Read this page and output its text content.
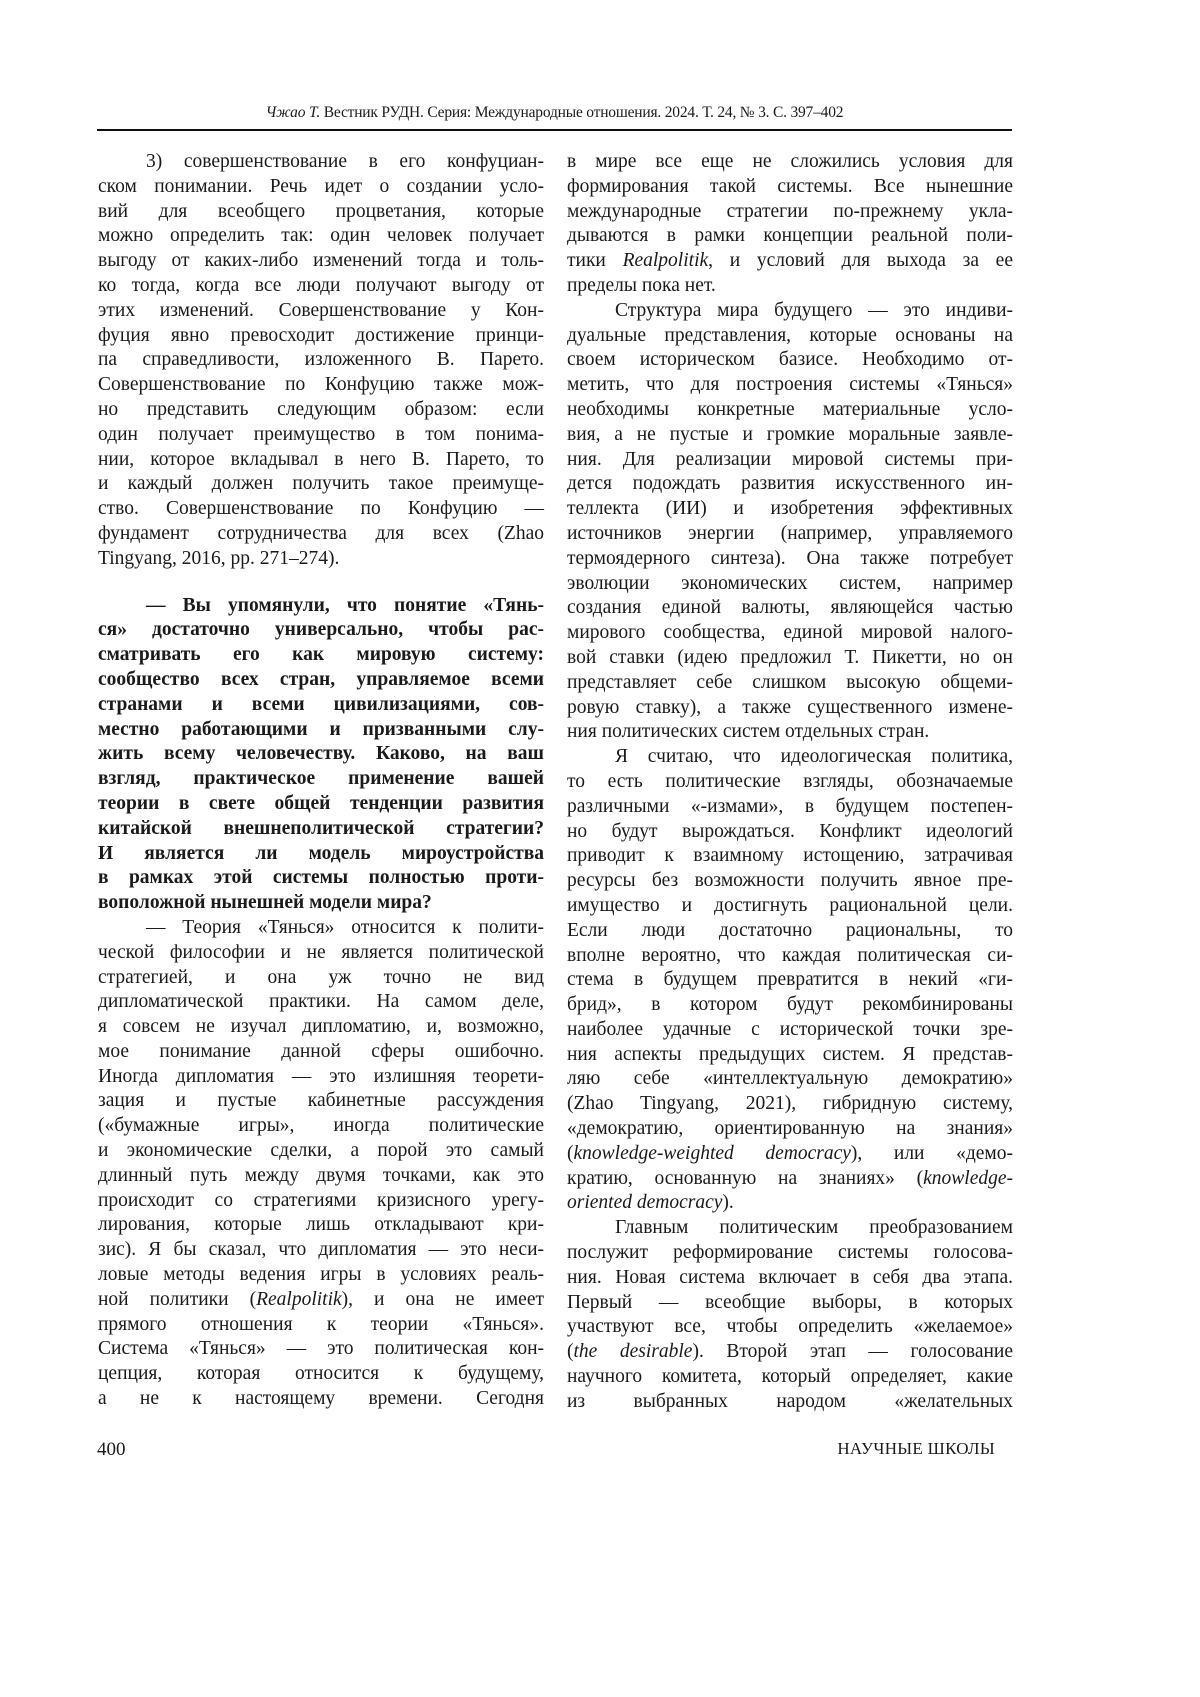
Чжао Т. Вестник РУДН. Серия: Международные отношения. 2024. Т. 24, № 3. С. 397–402
3) совершенствование в его конфуциан-
ском понимании. Речь идет о создании усло-
вий для всеобщего процветания, которые
можно определить так: один человек получает
выгоду от каких-либо изменений тогда и толь-
ко тогда, когда все люди получают выгоду от
этих изменений. Совершенствование у Кон-
фуция явно превосходит достижение принци-
па справедливости, изложенного В. Парето.
Совершенствование по Конфуцию также мож-
но представить следующим образом: если
один получает преимущество в том понима-
нии, которое вкладывал в него В. Парето, то
и каждый должен получить такое преимуще-
ство. Совершенствование по Конфуцию —
фундамент сотрудничества для всех (Zhao
Tingyang, 2016, pp. 271–274).
— Вы упомянули, что понятие «Тянь-
ся» достаточно универсально, чтобы рас-
сматривать его как мировую систему:
сообщество всех стран, управляемое всеми
странами и всеми цивилизациями, сов-
местно работающими и призванными слу-
жить всему человечеству. Каково, на ваш
взгляд, практическое применение вашей
теории в свете общей тенденции развития
китайской внешнеполитической стратегии?
И является ли модель мироустройства
в рамках этой системы полностью проти-
воположной нынешней модели мира?
— Теория «Тянься» относится к полити-
ческой философии и не является политической
стратегией, и она уж точно не вид
дипломатической практики. На самом деле,
я совсем не изучал дипломатию, и, возможно,
мое понимание данной сферы ошибочно.
Иногда дипломатия — это излишняя теорети-
зация и пустые кабинетные рассуждения
(«бумажные игры», иногда политические
и экономические сделки, а порой это самый
длинный путь между двумя точками, как это
происходит со стратегиями кризисного урегу-
лирования, которые лишь откладывают кри-
зис). Я бы сказал, что дипломатия — это неси-
ловые методы ведения игры в условиях реаль-
ной политики (Realpolitik), и она не имеет
прямого отношения к теории «Тянься».
Система «Тянься» — это политическая кон-
цепция, которая относится к будущему,
а не к настоящему времени. Сегодня
в мире все еще не сложились условия для
формирования такой системы. Все нынешние
международные стратегии по-прежнему укла-
дываются в рамки концепции реальной поли-
тики Realpolitik, и условий для выхода за ее
пределы пока нет.
Структура мира будущего — это индиви-
дуальные представления, которые основаны на
своем историческом базисе. Необходимо от-
метить, что для построения системы «Тянься»
необходимы конкретные материальные усло-
вия, а не пустые и громкие моральные заявле-
ния. Для реализации мировой системы при-
дется подождать развития искусственного ин-
теллекта (ИИ) и изобретения эффективных
источников энергии (например, управляемого
термоядерного синтеза). Она также потребует
эволюции экономических систем, например
создания единой валюты, являющейся частью
мирового сообщества, единой мировой налого-
вой ставки (идею предложил Т. Пикетти, но он
представляет себе слишком высокую общеми-
ровую ставку), а также существенного измене-
ния политических систем отдельных стран.
Я считаю, что идеологическая политика,
то есть политические взгляды, обозначаемые
различными «-измами», в будущем постепен-
но будут вырождаться. Конфликт идеологий
приводит к взаимному истощению, затрачивая
ресурсы без возможности получить явное пре-
имущество и достигнуть рациональной цели.
Если люди достаточно рациональны, то
вполне вероятно, что каждая политическая си-
стема в будущем превратится в некий «ги-
брид», в котором будут рекомбинированы
наиболее удачные с исторической точки зре-
ния аспекты предыдущих систем. Я представ-
ляю себе «интеллектуальную демократию»
(Zhao Tingyang, 2021), гибридную систему,
«демократию, ориентированную на знания»
(knowledge-weighted democracy), или «демо-
кратию, основанную на знаниях» (knowledge-
oriented democracy).
Главным политическим преобразованием
послужит реформирование системы голосова-
ния. Новая система включает в себя два этапа.
Первый — всеобщие выборы, в которых
участвуют все, чтобы определить «желаемое»
(the desirable). Второй этап — голосование
научного комитета, который определяет, какие
из выбранных народом «желательных
400	НАУЧНЫЕ ШКОЛЫ
